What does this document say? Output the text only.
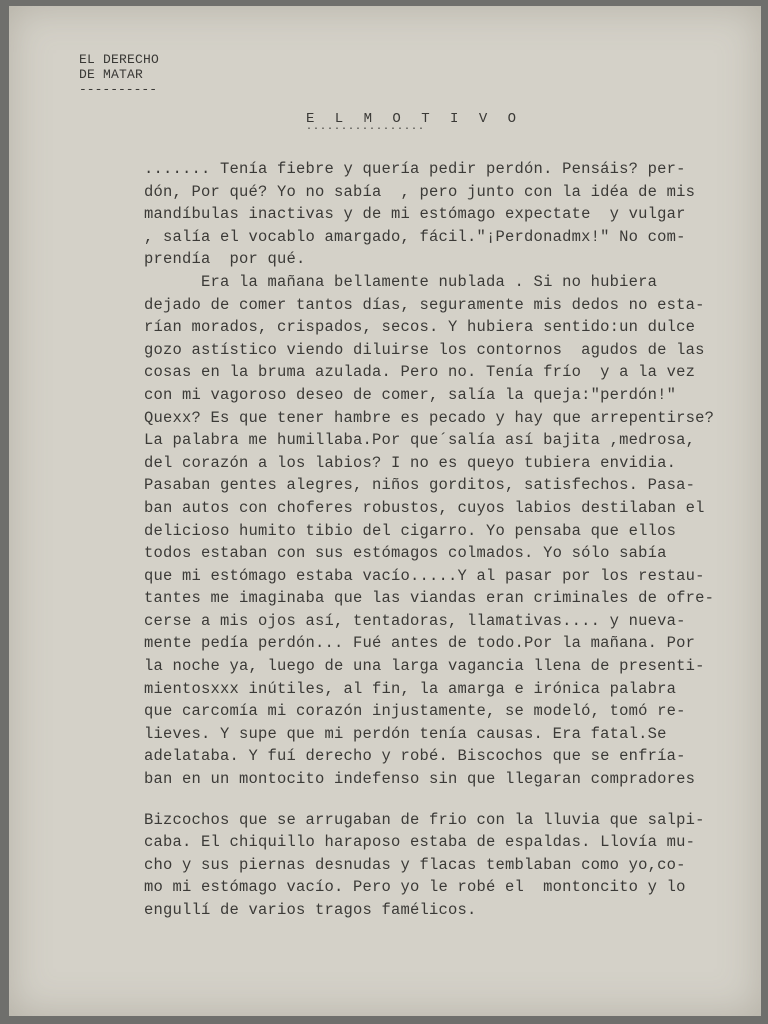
EL DERECHO
DE MATAR
----------
E L M O T I V O
·················
....... Tenía fiebre y quería pedir perdón. Pensáis? per-
dón, Por qué? Yo no sabía  , pero junto con la idéa de mis
mandíbulas inactivas y de mi estómago expectate  y vulgar
, salía el vocablo amargado, fácil."¡Perdonadmx!" No com-
prendía  por qué.
Era la mañana bellamente nublada . Si no hubiera
dejado de comer tantos días, seguramente mis dedos no esta-
rían morados, crispados, secos. Y hubiera sentido:un dulce
gozo astístico viendo diluirse los contornos  agudos de las
cosas en la bruma azulada. Pero no. Tenía frío  y a la vez
con mi vagoroso deseo de comer, salía la queja:"perdón!"
Quexx? Es que tener hambre es pecado y hay que arrepentirse?
La palabra me humillaba.Por que´salía así bajita ,medrosa,
del corazón a los labios? I no es queyo tubiera envidia.
Pasaban gentes alegres, niños gorditos, satisfechos. Pasa-
ban autos con choferes robustos, cuyos labios destilaban el
delicioso humito tibio del cigarro. Yo pensaba que ellos
todos estaban con sus estómagos colmados. Yo sólo sabía
que mi estómago estaba vacío.....Y al pasar por los restau-
tantes me imaginaba que las viandas eran criminales de ofre-
cerse a mis ojos así, tentadoras, llamativas.... y nueva-
mente pedía perdón... Fué antes de todo.Por la mañana. Por
la noche ya, luego de una larga vagancia llena de presenti-
mientosxxx inútiles, al fin, la amarga e irónica palabra
que carcomía mi corazón injustamente, se modeló, tomó re-
lieves. Y supe que mi perdón tenía causas. Era fatal.Se
adelataba. Y fuí derecho y robé. Biscochos que se enfría-
ban en un montocito indefenso sin que llegaran compradores
Bizcochos que se arrugaban de frio con la lluvia que salpi-
caba. El chiquillo haraposo estaba de espaldas. Llovía mu-
cho y sus piernas desnudas y flacas temblaban como yo,co-
mo mi estómago vacío. Pero yo le robé el  montoncito y lo
engullí de varios tragos famélicos.
